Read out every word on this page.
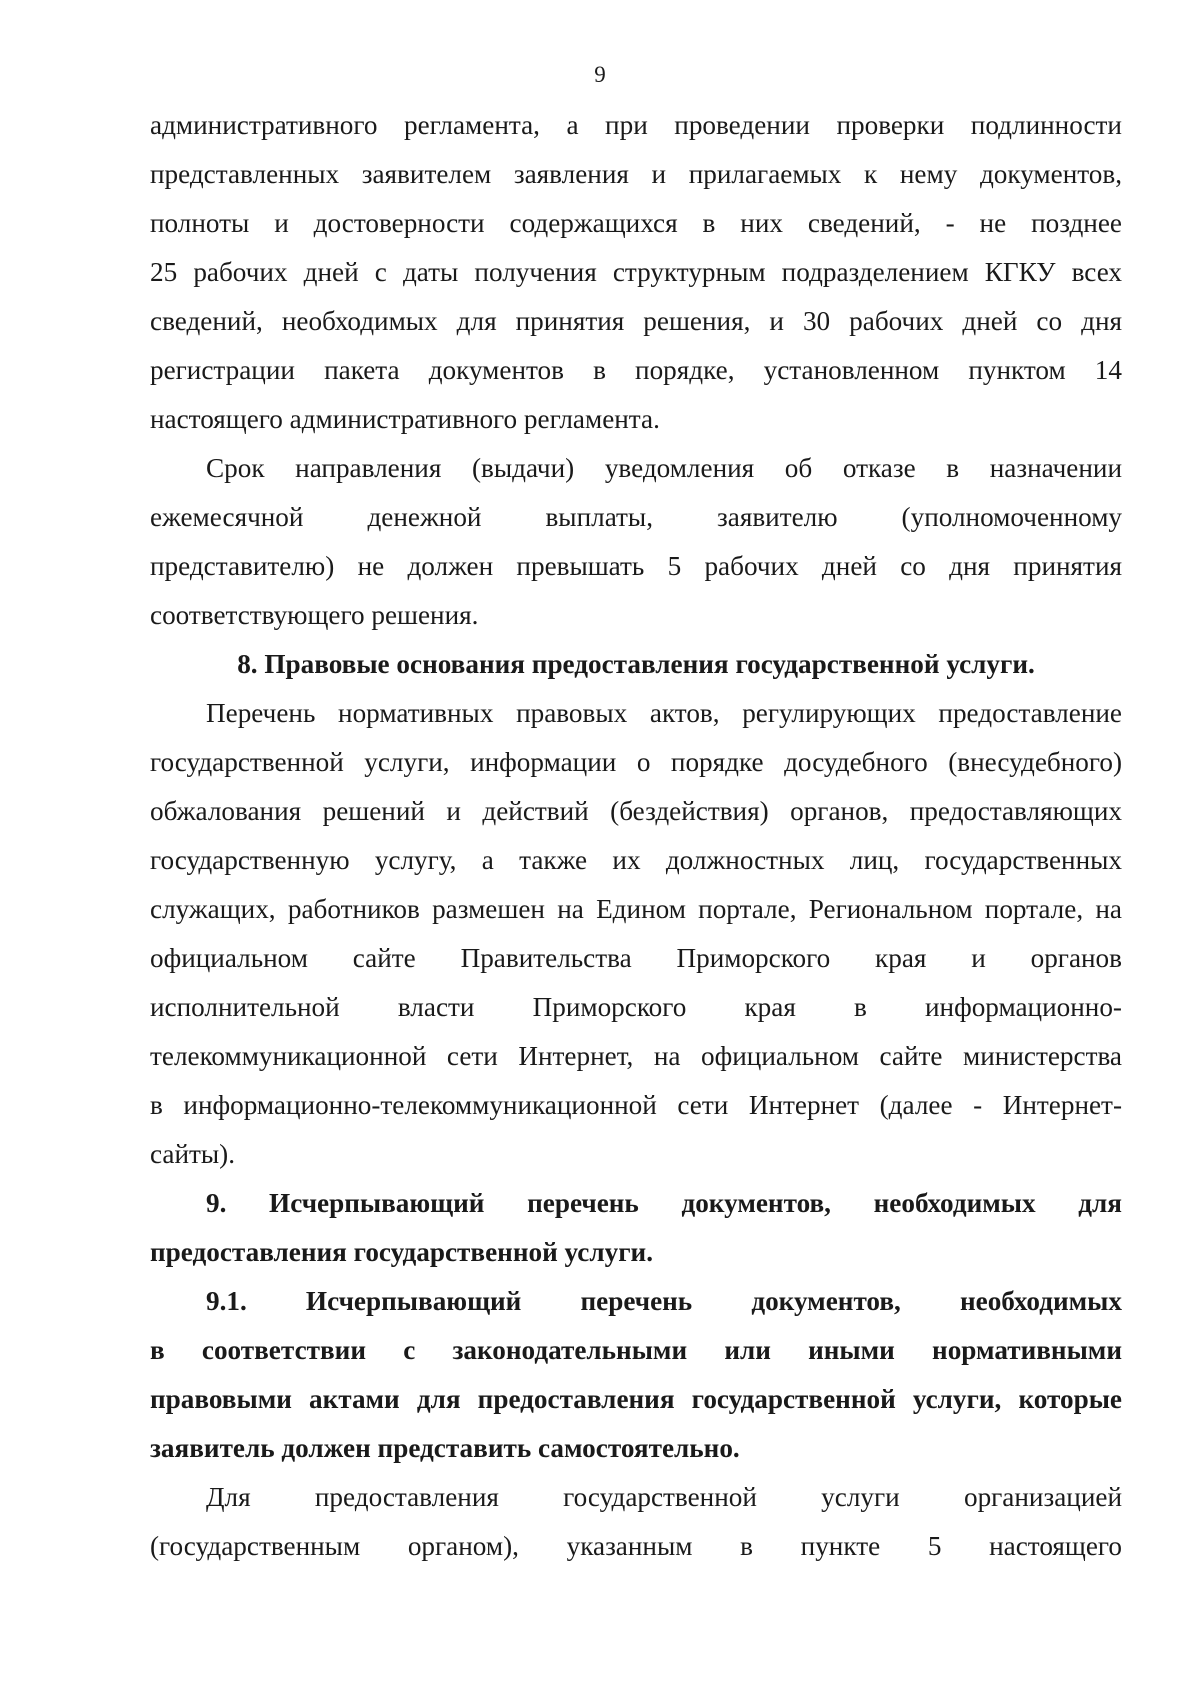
9
административного регламента, а при проведении проверки подлинности
представленных заявителем заявления и прилагаемых к нему документов,
полноты и достоверности содержащихся в них сведений, - не позднее
25 рабочих дней с даты получения структурным подразделением КГКУ всех
сведений, необходимых для принятия решения, и 30 рабочих дней со дня
регистрации пакета документов в порядке, установленном пунктом 14
настоящего административного регламента.
Срок направления (выдачи) уведомления об отказе в назначении
ежемесячной денежной выплаты, заявителю (уполномоченному
представителю) не должен превышать 5 рабочих дней со дня принятия
соответствующего решения.
8. Правовые основания предоставления государственной услуги.
Перечень нормативных правовых актов, регулирующих предоставление
государственной услуги, информации о порядке досудебного (внесудебного)
обжалования решений и действий (бездействия) органов, предоставляющих
государственную услугу, а также их должностных лиц, государственных
служащих, работников размешен на Едином портале, Региональном портале, на
официальном сайте Правительства Приморского края и органов
исполнительной власти Приморского края в информационно-
телекоммуникационной сети Интернет, на официальном сайте министерства
в информационно-телекоммуникационной сети Интернет (далее - Интернет-
сайты).
9. Исчерпывающий перечень документов, необходимых для
предоставления государственной услуги.
9.1. Исчерпывающий перечень документов, необходимых
в соответствии с законодательными или иными нормативными
правовыми актами для предоставления государственной услуги, которые
заявитель должен представить самостоятельно.
Для предоставления государственной услуги организацией
(государственным органом), указанным в пункте 5 настоящего
